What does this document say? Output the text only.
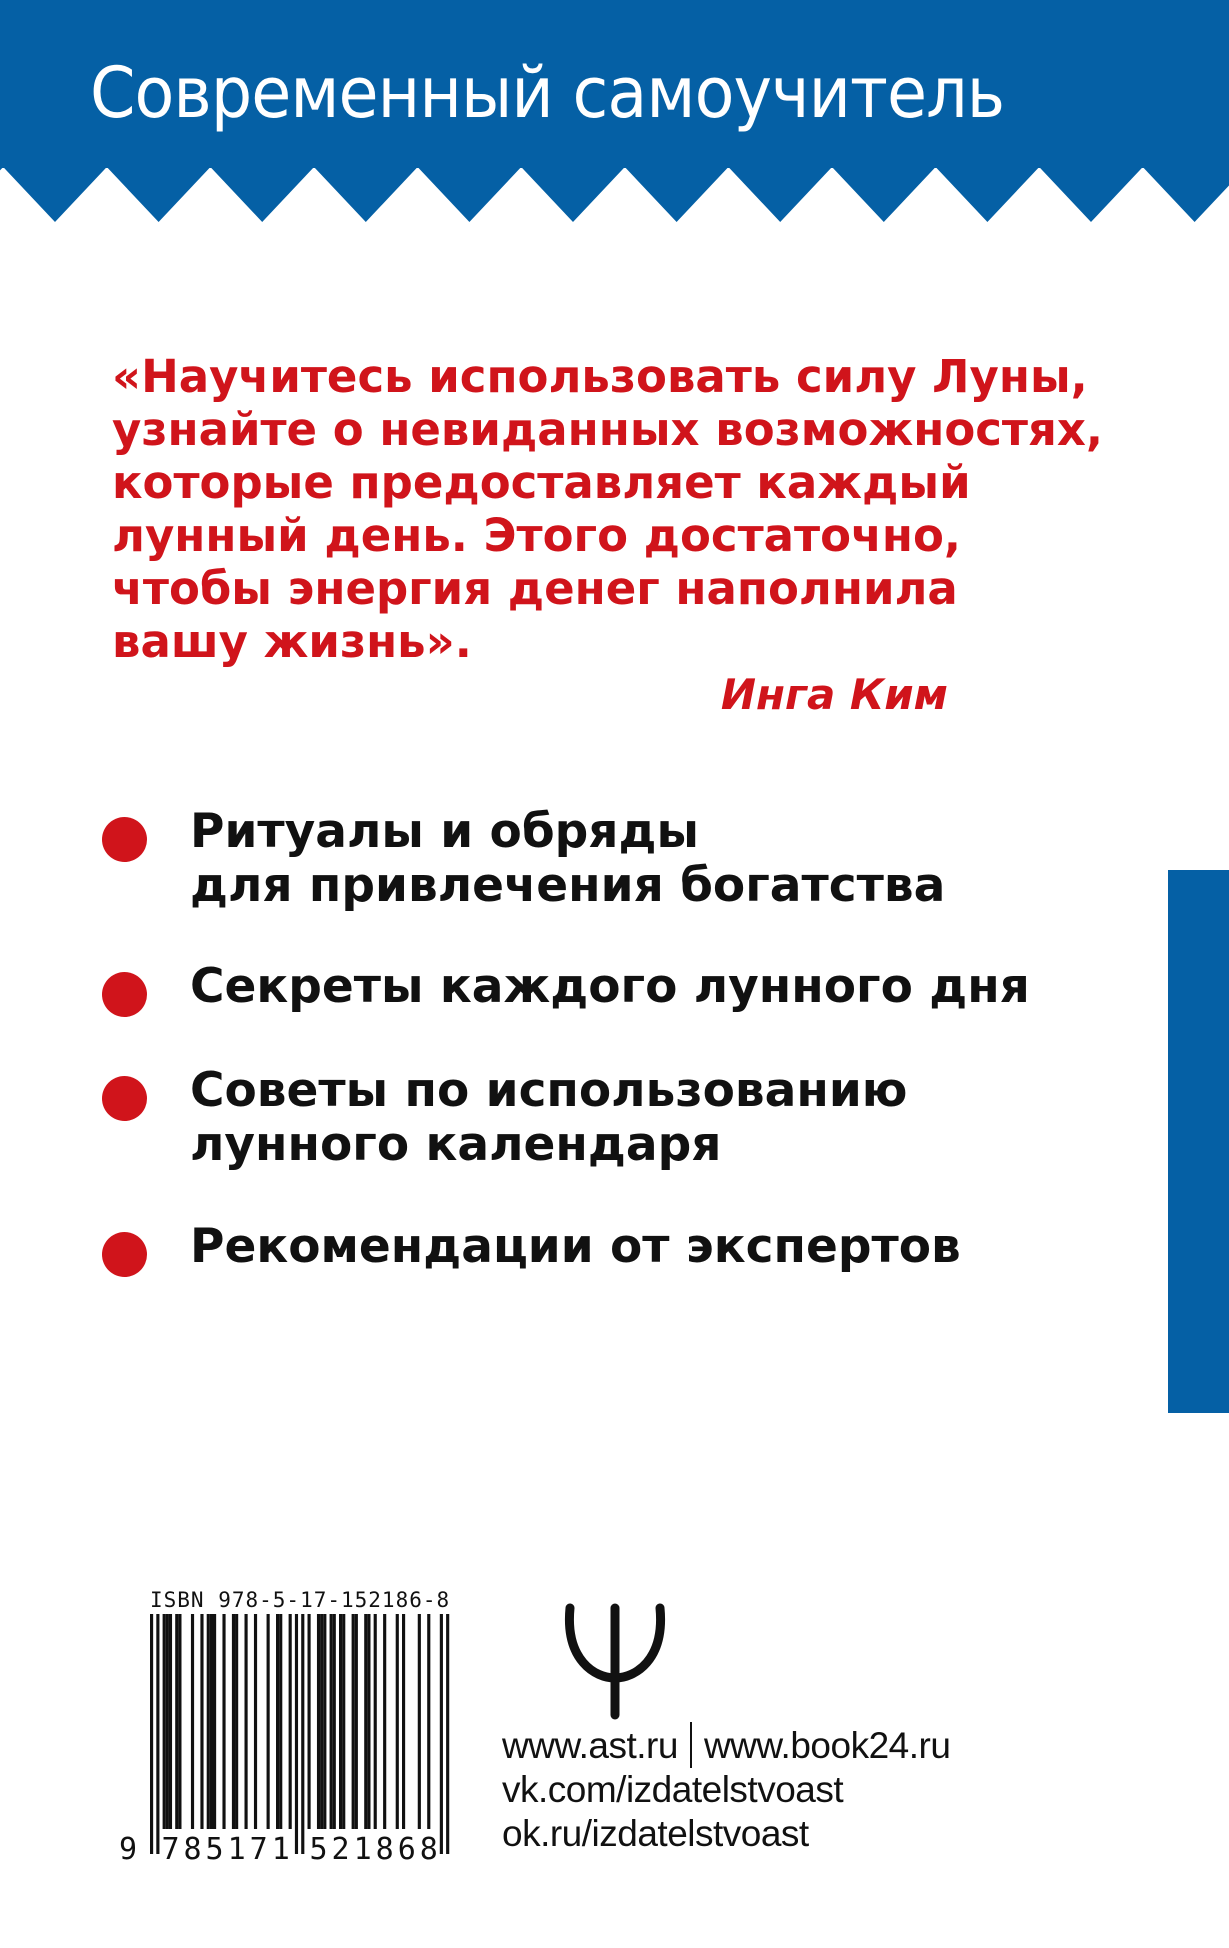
Современный самоучитель
«Научитесь использовать силу Луны,
узнайте о невиданных возможностях,
которые предоставляет каждый
лунный день. Этого достаточно,
чтобы энергия денег наполнила
вашу жизнь».
Инга Ким
Ритуалы и обряды
для привлечения богатства
Секреты каждого лунного дня
Советы по использованию
лунного календаря
Рекомендации от экспертов
ISBN 978-5-17-152186-8
9 7 8 5 1 7 1 5 2 1 8 6 8
www.ast.ru www.book24.ru
vk.com/izdatelstvoast
ok.ru/izdatelstvoast
